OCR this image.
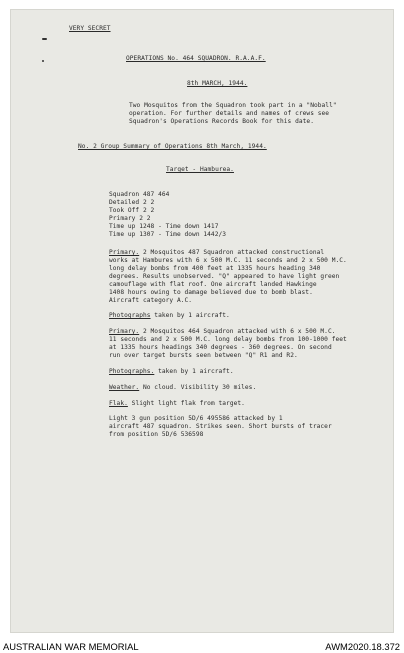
VERY SECRET
OPERATIONS No. 464 SQUADRON. R.A.A.F.
8th MARCH, 1944.
Two Mosquitos from the Squadron took part in a "Noball"
operation. For further details and names of crews see
Squadron's Operations Records Book for this date.
No. 2 Group Summary of Operations 8th March, 1944.
Target - Hamburea.
Squadron 487 464
Detailed 2 2
Took Off 2 2
Primary 2 2
Time up 1248 - Time down 1417
Time up 1307 - Time down 1442/3
Primary. 2 Mosquitos 487 Squadron attacked constructional
works at Hambures with 6 x 500 M.C. 11 seconds and 2 x 500 M.C.
long delay bombs from 400 feet at 1335 hours heading 340
degrees. Results unobserved. "Q" appeared to have light green
camouflage with flat roof. One aircraft landed Hawkinge
1408 hours owing to damage believed due to bomb blast.
Aircraft category A.C.
Photographs taken by 1 aircraft.
Primary. 2 Mosquitos 464 Squadron attacked with 6 x 500 M.C.
11 seconds and 2 x 500 M.C. long delay bombs from 100-1000 feet
at 1335 hours headings 340 degrees - 360 degrees. On second
run over target bursts seen between "Q" R1 and R2.
Photographs. taken by 1 aircraft.
Weather. No cloud. Visibility 30 miles.
Flak. Slight light flak from target.
Light 3 gun position 5D/6 495586 attacked by 1
aircraft 487 squadron. Strikes seen. Short bursts of tracer
from position 5D/6 536598
AUSTRALIAN WAR MEMORIAL	AWM2020.18.372
